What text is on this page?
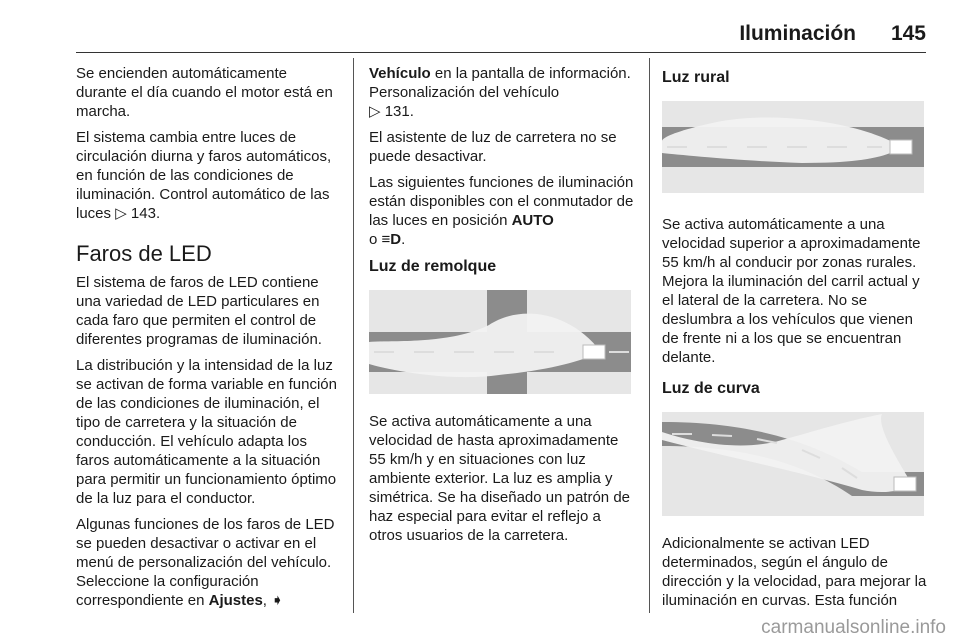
Iluminación 145

Se encienden automáticamente durante el día cuando el motor está en marcha.

El sistema cambia entre luces de circulación diurna y faros automáticos, en función de las condiciones de iluminación. Control automático de las luces ▷ 143.

Faros de LED

El sistema de faros de LED contiene una variedad de LED particulares en cada faro que permiten el control de diferentes programas de iluminación.

La distribución y la intensidad de la luz se activan de forma variable en función de las condiciones de iluminación, el tipo de carretera y la situación de conducción. El vehículo adapta los faros automáticamente a la situación para permitir un funcionamiento óptimo de la luz para el conductor.

Algunas funciones de los faros de LED se pueden desactivar o activar en el menú de personalización del vehículo. Seleccione la configuración correspondiente en Ajustes, ➧

Vehículo en la pantalla de información. Personalización del vehículo
▷ 131.

El asistente de luz de carretera no se puede desactivar.

Las siguientes funciones de iluminación están disponibles con el conmutador de las luces en posición AUTO
o ≡D.

Luz de remolque

Se activa automáticamente a una velocidad de hasta aproximadamente 55 km/h y en situaciones con luz ambiente exterior. La luz es amplia y simétrica. Se ha diseñado un patrón de haz especial para evitar el reflejo a otros usuarios de la carretera.

Luz rural

Se activa automáticamente a una velocidad superior a aproximadamente 55 km/h al conducir por zonas rurales. Mejora la iluminación del carril actual y el lateral de la carretera. No se deslumbra a los vehículos que vienen de frente ni a los que se encuentran delante.

Luz de curva

Adicionalmente se activan LED determinados, según el ángulo de dirección y la velocidad, para mejorar la iluminación en curvas. Esta función

carmanualsonline.info
